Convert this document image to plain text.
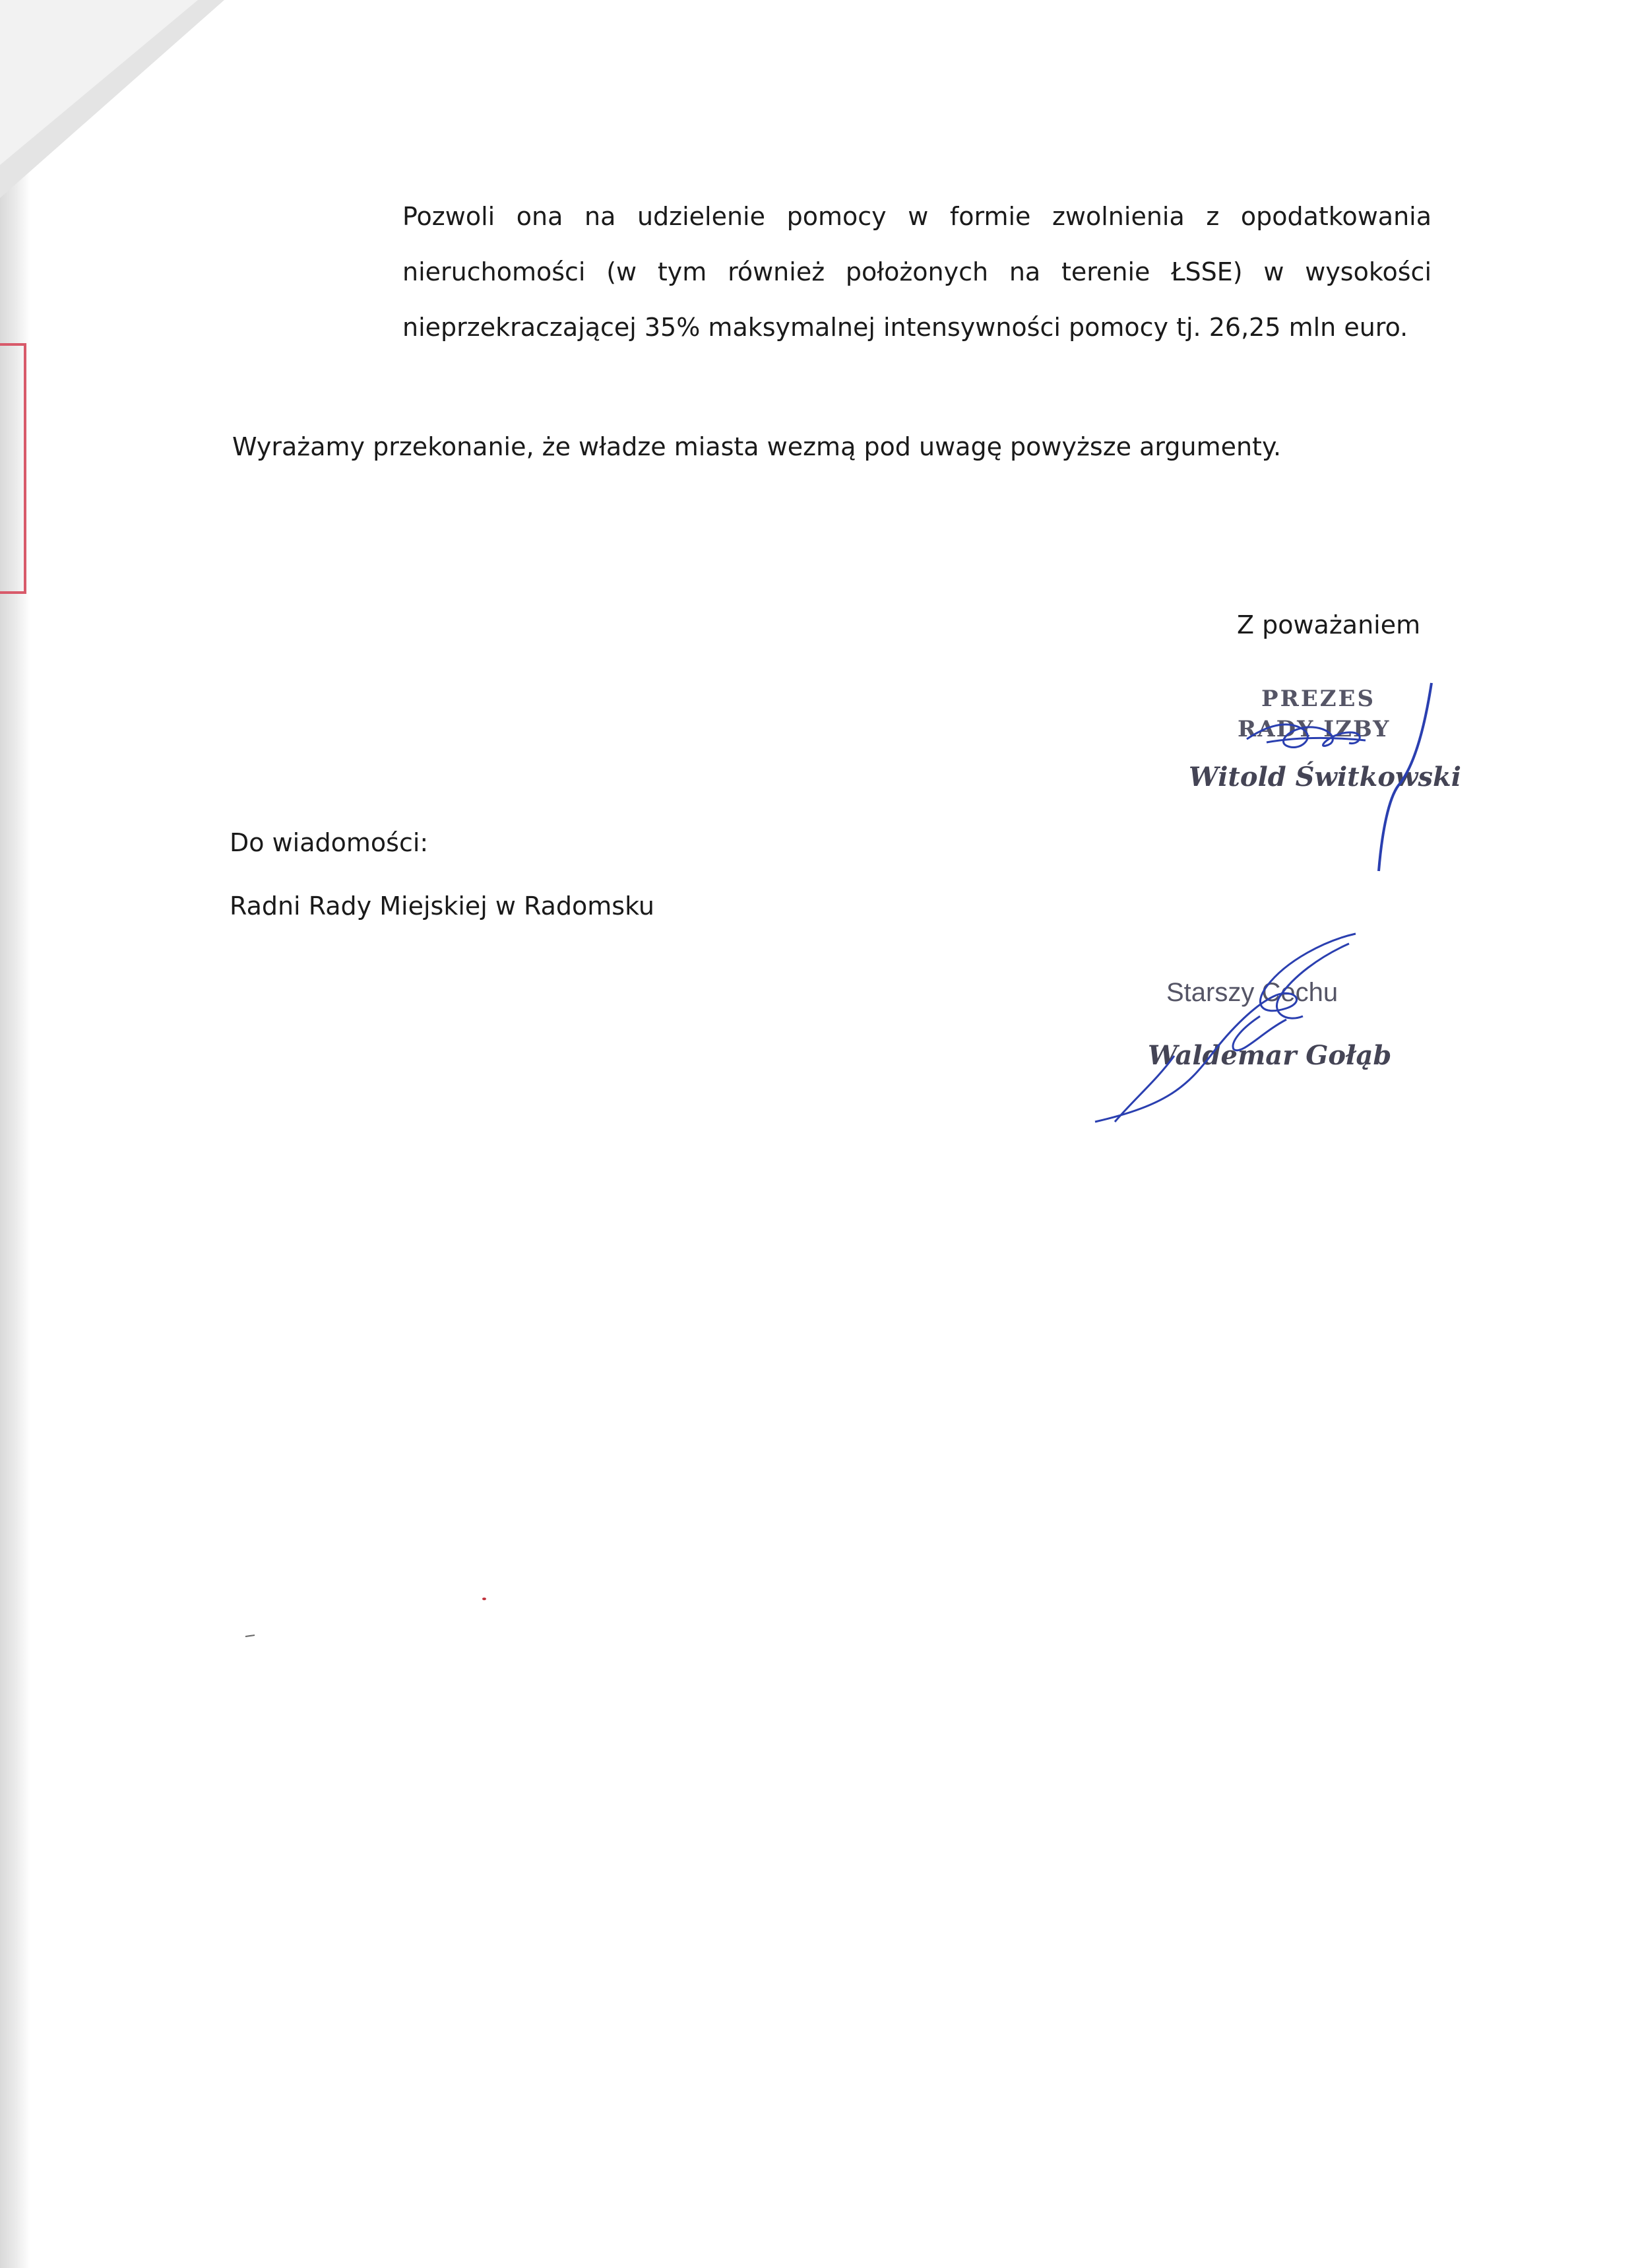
Pozwoli ona na udzielenie pomocy w formie zwolnienia z opodatkowania
nieruchomości (w tym również położonych na terenie ŁSSE) w wysokości
nieprzekraczającej 35% maksymalnej intensywności pomocy tj. 26,25 mln euro.
Wyrażamy przekonanie, że władze miasta wezmą pod uwagę powyższe argumenty.
Z poważaniem
PREZES
RADY IZBY
Witold Świtkowski
Do wiadomości:
Radni Rady Miejskiej w Radomsku
Starszy Cechu
Waldemar Gołąb
